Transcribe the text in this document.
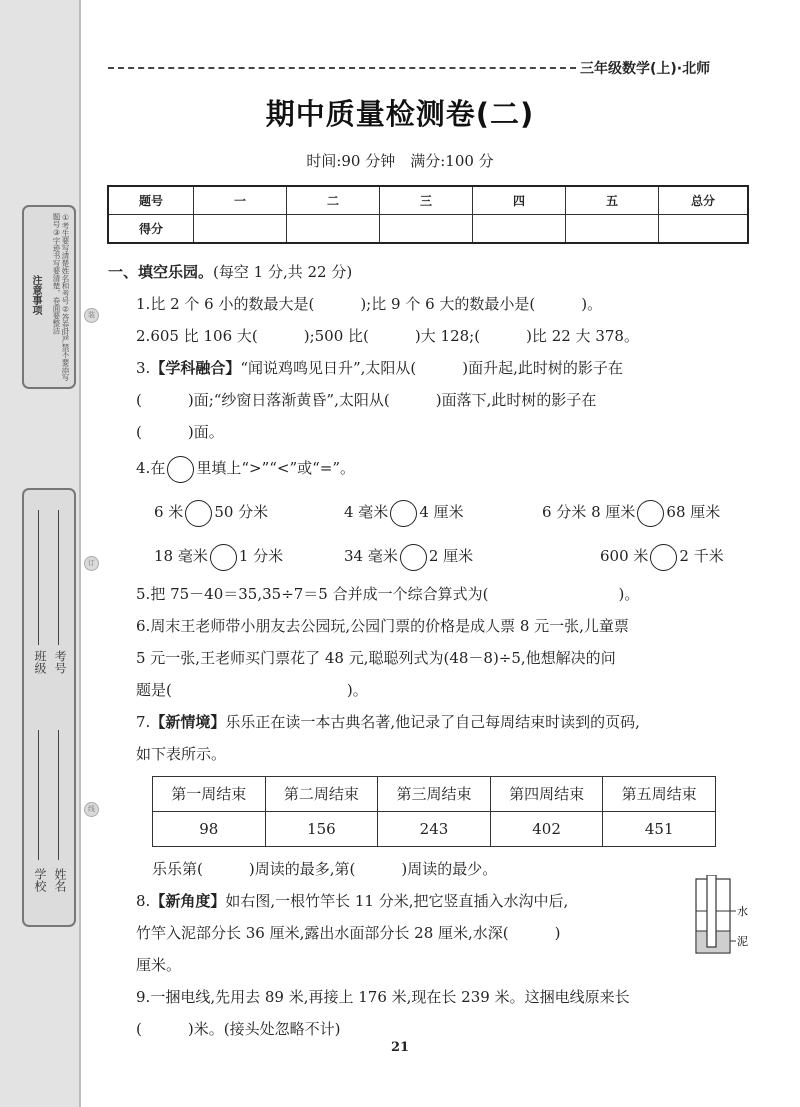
注意事项	①考生要写清楚姓名和考号②答卷时严禁不要添写题号③字迹书写要清楚，卷面要整洁
学校 姓名
班级 考号
装
订
线
三年级数学(上)·北师
期中质量检测卷(二)
时间:90 分钟　满分:100 分
题号	一	二	三	四	五	总分
得分						
一、填空乐园。(每空 1 分,共 22 分)
1.比 2 个 6 小的数最大是(	);比 9 个 6 大的数最小是(	)。
2.605 比 106 大(	);500 比(	)大 128;(	)比 22 大 378。
3.【学科融合】“闻说鸡鸣见日升”,太阳从(	)面升起,此时树的影子在
(	)面;“纱窗日落渐黄昏”,太阳从(	)面落下,此时树的影子在
(	)面。
4.在 里填上“>”“<”或“=”。
6 米 50 分米	4 毫米 4 厘米	6 分米 8 厘米 68 厘米
18 毫米 1 分米	34 毫米 2 厘米	600 米 2 千米
5.把 75－40＝35,35÷7＝5 合并成一个综合算式为(	)。
6.周末王老师带小朋友去公园玩,公园门票的价格是成人票 8 元一张,儿童票
5 元一张,王老师买门票花了 48 元,聪聪列式为(48－8)÷5,他想解决的问
题是(	)。
7.【新情境】乐乐正在读一本古典名著,他记录了自己每周结束时读到的页码,
如下表所示。
第一周结束	第二周结束	第三周结束	第四周结束	第五周结束
98	156	243	402	451
乐乐第(	)周读的最多,第(	)周读的最少。
8.【新角度】如右图,一根竹竿长 11 分米,把它竖直插入水沟中后,
竹竿入泥部分长 36 厘米,露出水面部分长 28 厘米,水深(	)
厘米。
9.一捆电线,先用去 89 米,再接上 176 米,现在长 239 米。这捆电线原来长
(	)米。(接头处忽略不计)
水
泥
21
